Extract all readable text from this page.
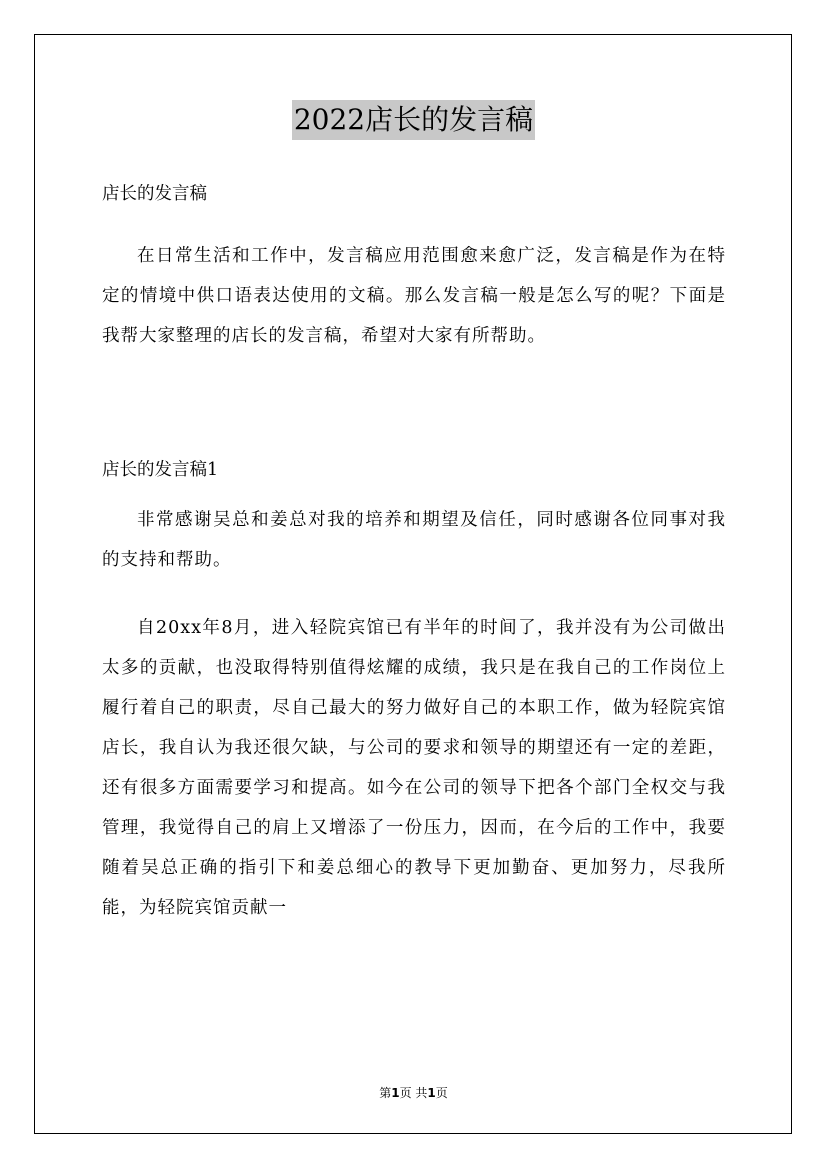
2022店长的发言稿
店长的发言稿
在日常生活和工作中，发言稿应用范围愈来愈广泛，发言稿是作为在特定的情境中供口语表达使用的文稿。那么发言稿一般是怎么写的呢？下面是我帮大家整理的店长的发言稿，希望对大家有所帮助。
店长的发言稿1
非常感谢吴总和姜总对我的培养和期望及信任，同时感谢各位同事对我的支持和帮助。
自20xx年8月，进入轻院宾馆已有半年的时间了，我并没有为公司做出太多的贡献，也没取得特别值得炫耀的成绩，我只是在我自己的工作岗位上履行着自己的职责，尽自己最大的努力做好自己的本职工作，做为轻院宾馆店长，我自认为我还很欠缺，与公司的要求和领导的期望还有一定的差距，还有很多方面需要学习和提高。如今在公司的领导下把各个部门全权交与我管理，我觉得自己的肩上又增添了一份压力，因而，在今后的工作中，我要随着吴总正确的指引下和姜总细心的教导下更加勤奋、更加努力，尽我所能，为轻院宾馆贡献一
第1页 共1页
